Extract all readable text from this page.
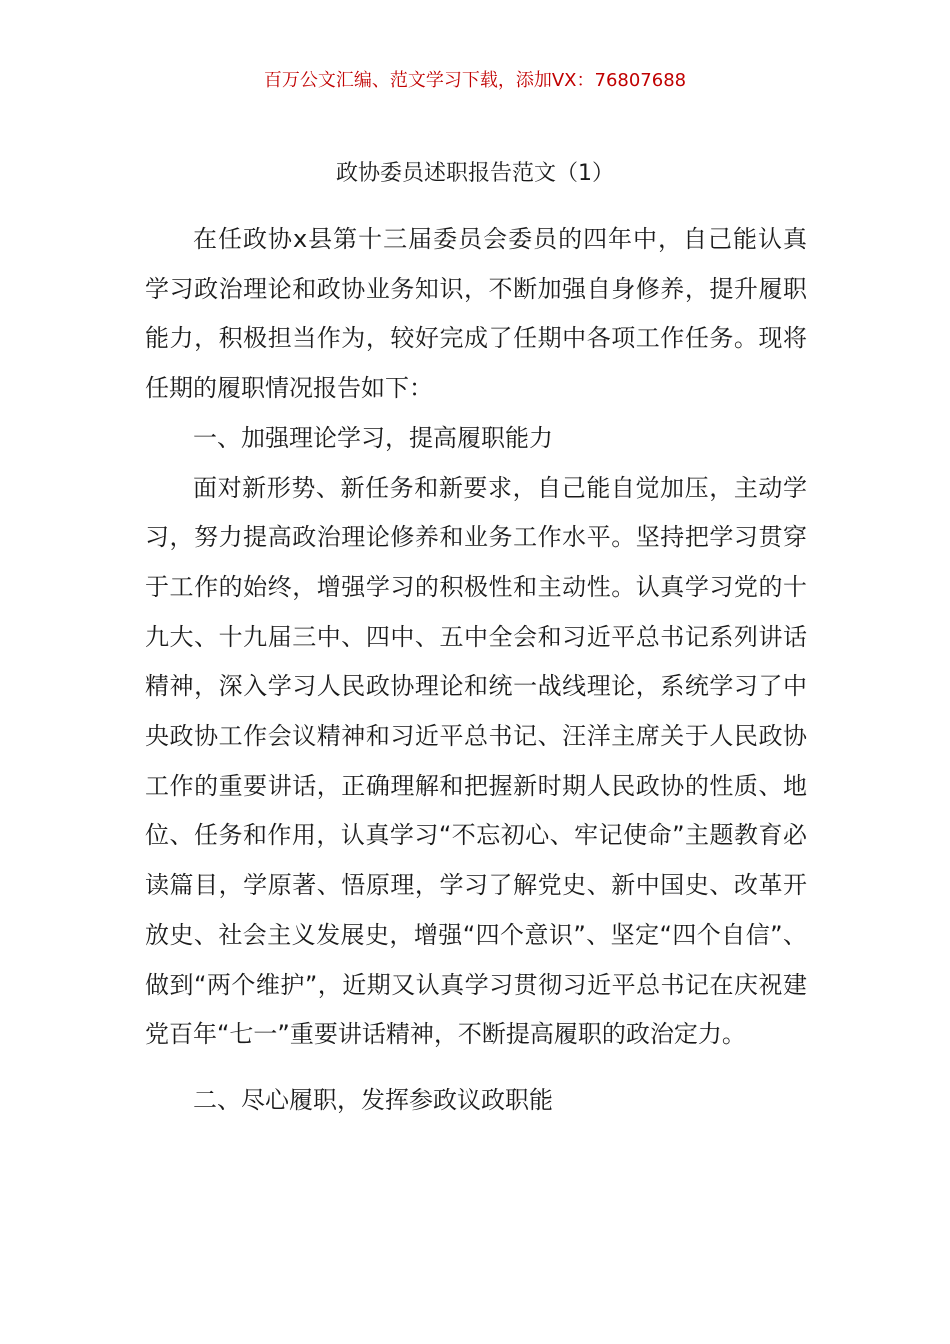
百万公文汇编、范文学习下载，添加VX：76807688
政协委员述职报告范文（1）

在任政协x县第十三届委员会委员的四年中，自己能认真学习政治理论和政协业务知识，不断加强自身修养，提升履职能力，积极担当作为，较好完成了任期中各项工作任务。现将任期的履职情况报告如下：

一、加强理论学习，提高履职能力

面对新形势、新任务和新要求，自己能自觉加压，主动学习，努力提高政治理论修养和业务工作水平。坚持把学习贯穿于工作的始终，增强学习的积极性和主动性。认真学习党的十九大、十九届三中、四中、五中全会和习近平总书记系列讲话精神，深入学习人民政协理论和统一战线理论，系统学习了中央政协工作会议精神和习近平总书记、汪洋主席关于人民政协工作的重要讲话，正确理解和把握新时期人民政协的性质、地位、任务和作用，认真学习“不忘初心、牢记使命”主题教育必读篇目，学原著、悟原理，学习了解党史、新中国史、改革开放史、社会主义发展史，增强“四个意识”、坚定“四个自信”、做到“两个维护”，近期又认真学习贯彻习近平总书记在庆祝建党百年“七一”重要讲话精神，不断提高履职的政治定力。

二、尽心履职，发挥参政议政职能
